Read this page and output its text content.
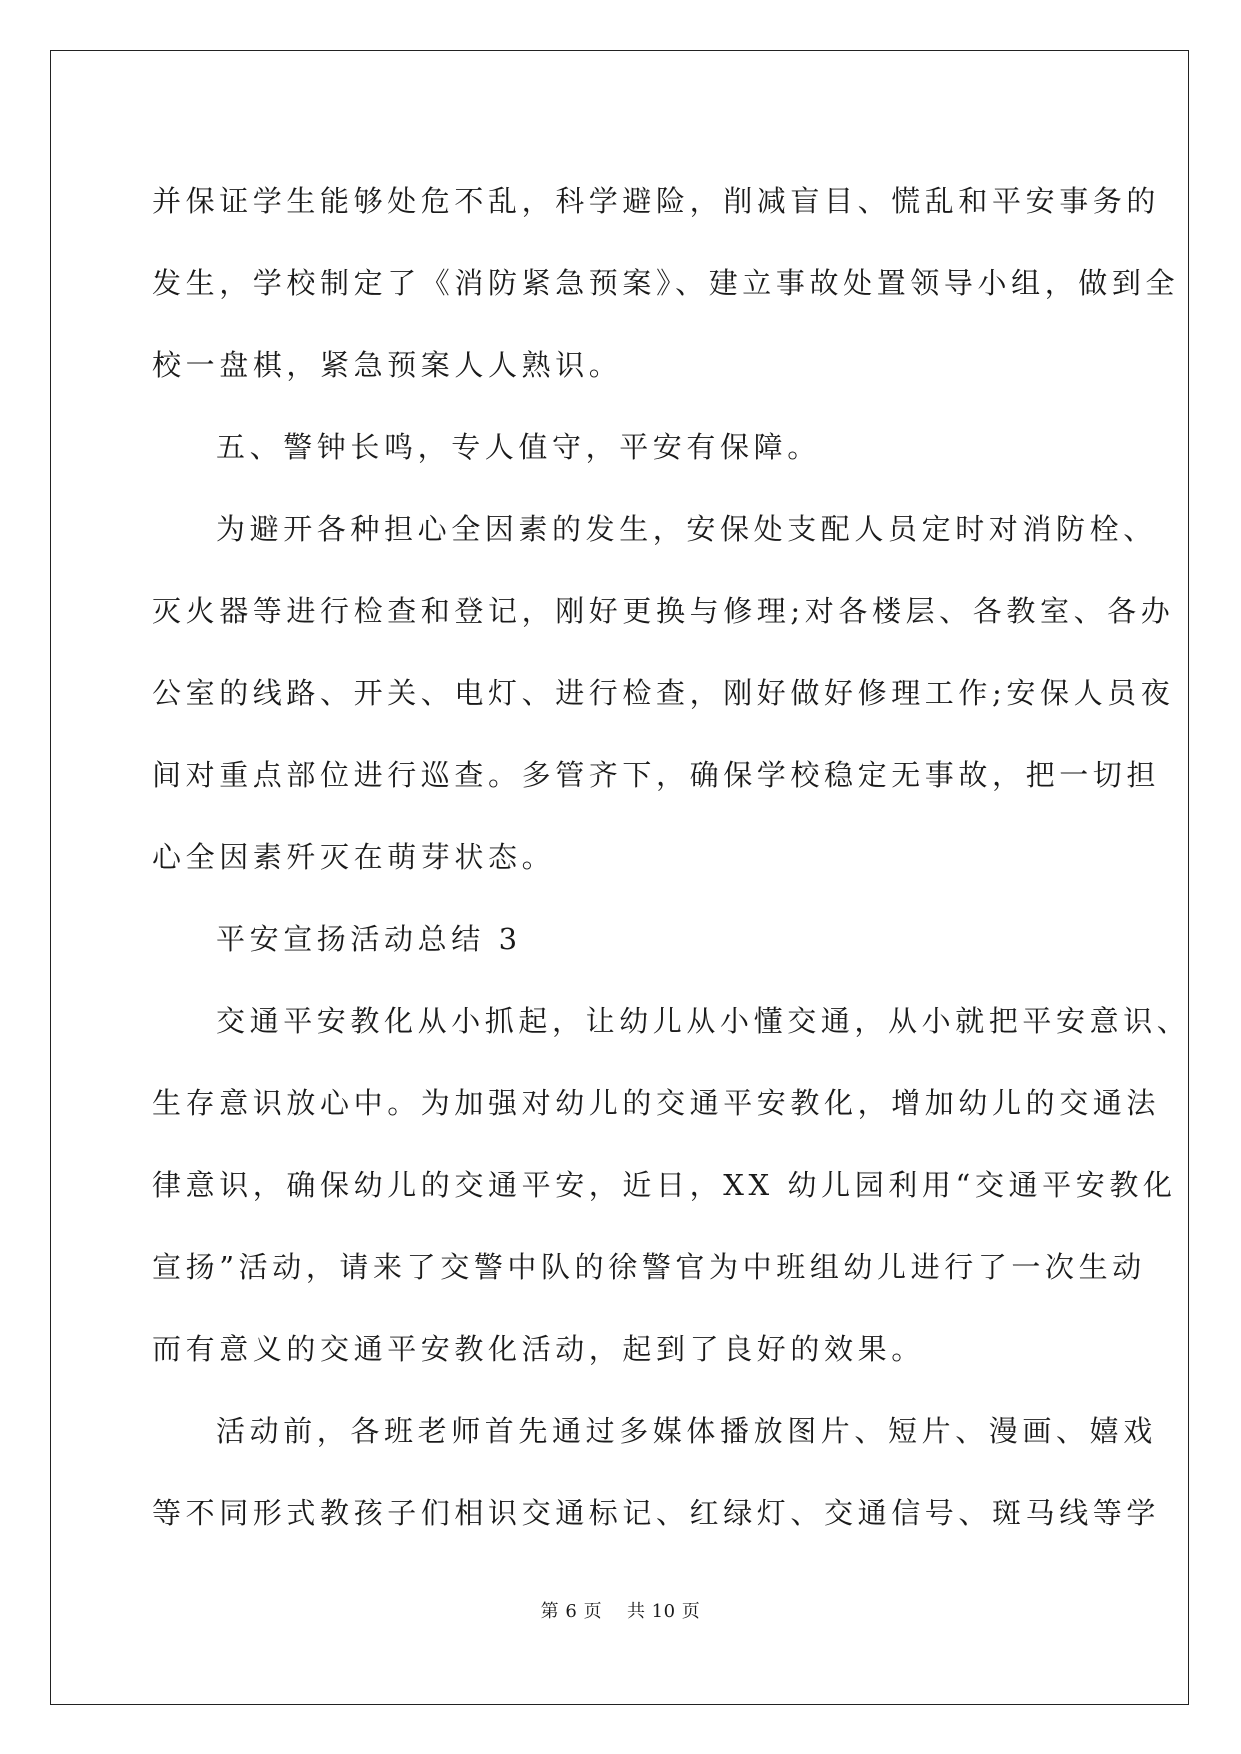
并保证学生能够处危不乱，科学避险，削减盲目、慌乱和平安事务的
发生，学校制定了《消防紧急预案》、建立事故处置领导小组，做到全
校一盘棋，紧急预案人人熟识。
五、警钟长鸣，专人值守，平安有保障。
为避开各种担心全因素的发生，安保处支配人员定时对消防栓、
灭火器等进行检查和登记，刚好更换与修理;对各楼层、各教室、各办
公室的线路、开关、电灯、进行检查，刚好做好修理工作;安保人员夜
间对重点部位进行巡查。多管齐下，确保学校稳定无事故，把一切担
心全因素歼灭在萌芽状态。
平安宣扬活动总结 3
交通平安教化从小抓起，让幼儿从小懂交通，从小就把平安意识、
生存意识放心中。为加强对幼儿的交通平安教化，增加幼儿的交通法
律意识，确保幼儿的交通平安，近日，XX 幼儿园利用“交通平安教化
宣扬”活动，请来了交警中队的徐警官为中班组幼儿进行了一次生动
而有意义的交通平安教化活动，起到了良好的效果。
活动前，各班老师首先通过多媒体播放图片、短片、漫画、嬉戏
等不同形式教孩子们相识交通标记、红绿灯、交通信号、斑马线等学
第 6 页    共 10 页
